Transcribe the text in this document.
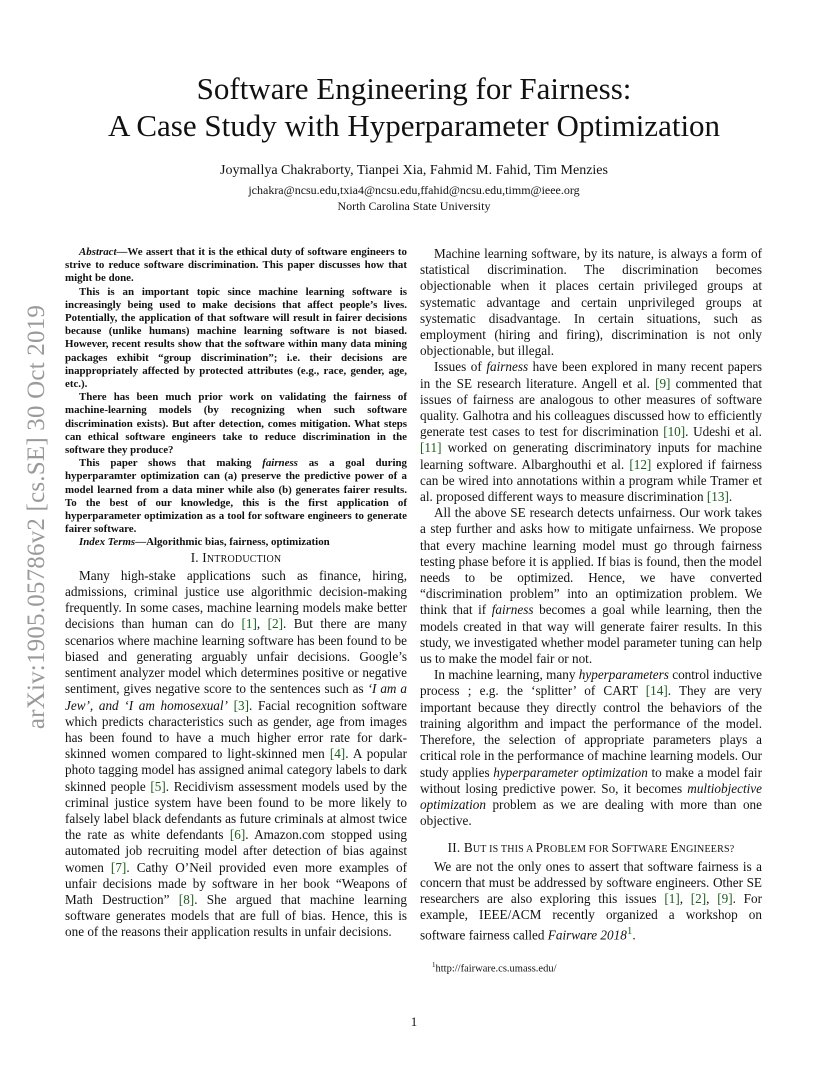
arXiv:1905.05786v2 [cs.SE] 30 Oct 2019
Software Engineering for Fairness:
A Case Study with Hyperparameter Optimization
Joymallya Chakraborty, Tianpei Xia, Fahmid M. Fahid, Tim Menzies
jchakra@ncsu.edu,txia4@ncsu.edu,ffahid@ncsu.edu,timm@ieee.org
North Carolina State University

Abstract—We assert that it is the ethical duty of software engineers to strive to reduce software discrimination. This paper discusses how that might be done.

This is an important topic since machine learning software is increasingly being used to make decisions that affect people’s lives. Potentially, the application of that software will result in fairer decisions because (unlike humans) machine learning software is not biased. However, recent results show that the software within many data mining packages exhibit “group discrimination”; i.e. their decisions are inappropriately affected by protected attributes (e.g., race, gender, age, etc.).

There has been much prior work on validating the fairness of machine-learning models (by recognizing when such software discrimination exists). But after detection, comes mitigation. What steps can ethical software engineers take to reduce discrimination in the software they produce?

This paper shows that making fairness as a goal during hyperparamter optimization can (a) preserve the predictive power of a model learned from a data miner while also (b) generates fairer results. To the best of our knowledge, this is the first application of hyperparameter optimization as a tool for software engineers to generate fairer software.

Index Terms—Algorithmic bias, fairness, optimization

I. INTRODUCTION

Many high-stake applications such as finance, hiring, admissions, criminal justice use algorithmic decision-making frequently. In some cases, machine learning models make better decisions than human can do [1], [2]. But there are many scenarios where machine learning software has been found to be biased and generating arguably unfair decisions. Google’s sentiment analyzer model which determines positive or negative sentiment, gives negative score to the sentences such as ‘I am a Jew’, and ‘I am homosexual’ [3]. Facial recognition software which predicts characteristics such as gender, age from images has been found to have a much higher error rate for dark-skinned women compared to light-skinned men [4]. A popular photo tagging model has assigned animal category labels to dark skinned people [5]. Recidivism assessment models used by the criminal justice system have been found to be more likely to falsely label black defendants as future criminals at almost twice the rate as white defendants [6]. Amazon.com stopped using automated job recruiting model after detection of bias against women [7]. Cathy O’Neil provided even more examples of unfair decisions made by software in her book “Weapons of Math Destruction” [8]. She argued that machine learning software generates models that are full of bias. Hence, this is one of the reasons their application results in unfair decisions.

Machine learning software, by its nature, is always a form of statistical discrimination. The discrimination becomes objectionable when it places certain privileged groups at systematic advantage and certain unprivileged groups at systematic disadvantage. In certain situations, such as employment (hiring and firing), discrimination is not only objectionable, but illegal.

Issues of fairness have been explored in many recent papers in the SE research literature. Angell et al. [9] commented that issues of fairness are analogous to other measures of software quality. Galhotra and his colleagues discussed how to efficiently generate test cases to test for discrimination [10]. Udeshi et al. [11] worked on generating discriminatory inputs for machine learning software. Albarghouthi et al. [12] explored if fairness can be wired into annotations within a program while Tramer et al. proposed different ways to measure discrimination [13].

All the above SE research detects unfairness. Our work takes a step further and asks how to mitigate unfairness. We propose that every machine learning model must go through fairness testing phase before it is applied. If bias is found, then the model needs to be optimized. Hence, we have converted “discrimination problem” into an optimization problem. We think that if fairness becomes a goal while learning, then the models created in that way will generate fairer results. In this study, we investigated whether model parameter tuning can help us to make the model fair or not.

In machine learning, many hyperparameters control inductive process ; e.g. the ‘splitter’ of CART [14]. They are very important because they directly control the behaviors of the training algorithm and impact the performance of the model. Therefore, the selection of appropriate parameters plays a critical role in the performance of machine learning models. Our study applies hyperparameter optimization to make a model fair without losing predictive power. So, it becomes multiobjective optimization problem as we are dealing with more than one objective.

II. BUT IS THIS A PROBLEM FOR SOFTWARE ENGINEERS?

We are not the only ones to assert that software fairness is a concern that must be addressed by software engineers. Other SE researchers are also exploring this issues [1], [2], [9]. For example, IEEE/ACM recently organized a workshop on software fairness called Fairware 2018$^1$.

$^1$http://fairware.cs.umass.edu/
1
